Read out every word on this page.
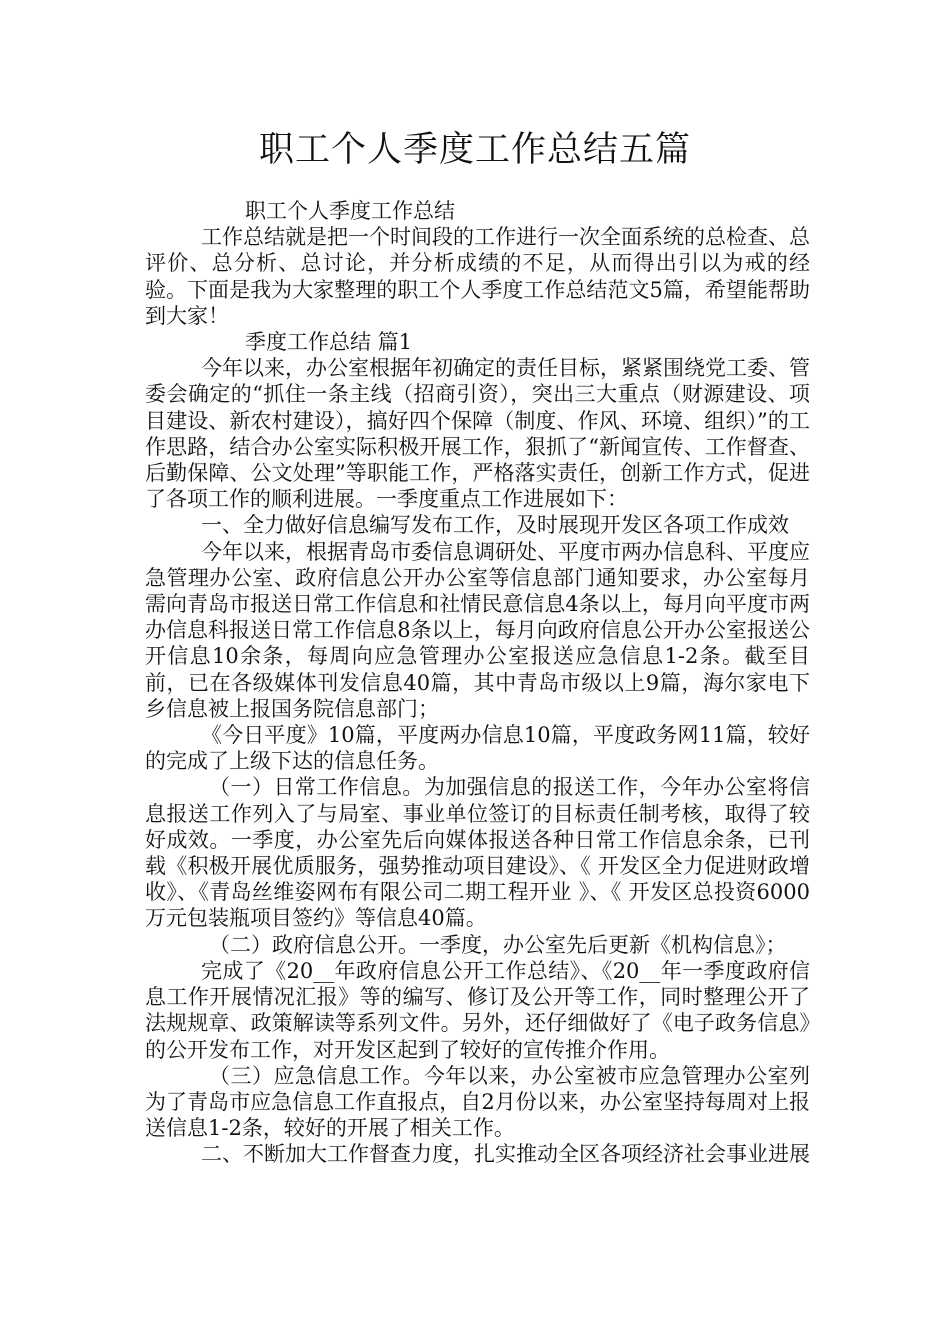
职工个人季度工作总结五篇

职工个人季度工作总结

工作总结就是把一个时间段的工作进行一次全面系统的总检查、总评价、总分析、总讨论，并分析成绩的不足，从而得出引以为戒的经验。下面是我为大家整理的职工个人季度工作总结范文5篇，希望能帮助到大家！

季度工作总结 篇1

今年以来，办公室根据年初确定的责任目标，紧紧围绕党工委、管委会确定的“抓住一条主线（招商引资），突出三大重点（财源建设、项目建设、新农村建设），搞好四个保障（制度、作风、环境、组织）”的工作思路，结合办公室实际积极开展工作，狠抓了“新闻宣传、工作督查、后勤保障、公文处理”等职能工作，严格落实责任，创新工作方式，促进了各项工作的顺利进展。一季度重点工作进展如下：

一、全力做好信息编写发布工作，及时展现开发区各项工作成效

今年以来，根据青岛市委信息调研处、平度市两办信息科、平度应急管理办公室、政府信息公开办公室等信息部门通知要求，办公室每月需向青岛市报送日常工作信息和社情民意信息4条以上，每月向平度市两办信息科报送日常工作信息8条以上，每月向政府信息公开办公室报送公开信息10余条，每周向应急管理办公室报送应急信息1-2条。截至目前，已在各级媒体刊发信息40篇，其中青岛市级以上9篇，海尔家电下乡信息被上报国务院信息部门；

《今日平度》10篇，平度两办信息10篇，平度政务网11篇，较好的完成了上级下达的信息任务。

（一）日常工作信息。为加强信息的报送工作，今年办公室将信息报送工作列入了与局室、事业单位签订的目标责任制考核，取得了较好成效。一季度，办公室先后向媒体报送各种日常工作信息余条，已刊载《积极开展优质服务，强势推动项目建设》、《 开发区全力促进财政增收》、《青岛丝维姿网布有限公司二期工程开业 》、《 开发区总投资6000万元包装瓶项目签约》等信息40篇。

（二）政府信息公开。一季度，办公室先后更新《机构信息》；

完成了《20__年政府信息公开工作总结》、《20__年一季度政府信息工作开展情况汇报》等的编写、修订及公开等工作，同时整理公开了法规规章、政策解读等系列文件。另外，还仔细做好了《电子政务信息》的公开发布工作，对开发区起到了较好的宣传推介作用。

（三）应急信息工作。今年以来，办公室被市应急管理办公室列为了青岛市应急信息工作直报点，自2月份以来，办公室坚持每周对上报送信息1-2条，较好的开展了相关工作。

二、不断加大工作督查力度，扎实推动全区各项经济社会事业进展
